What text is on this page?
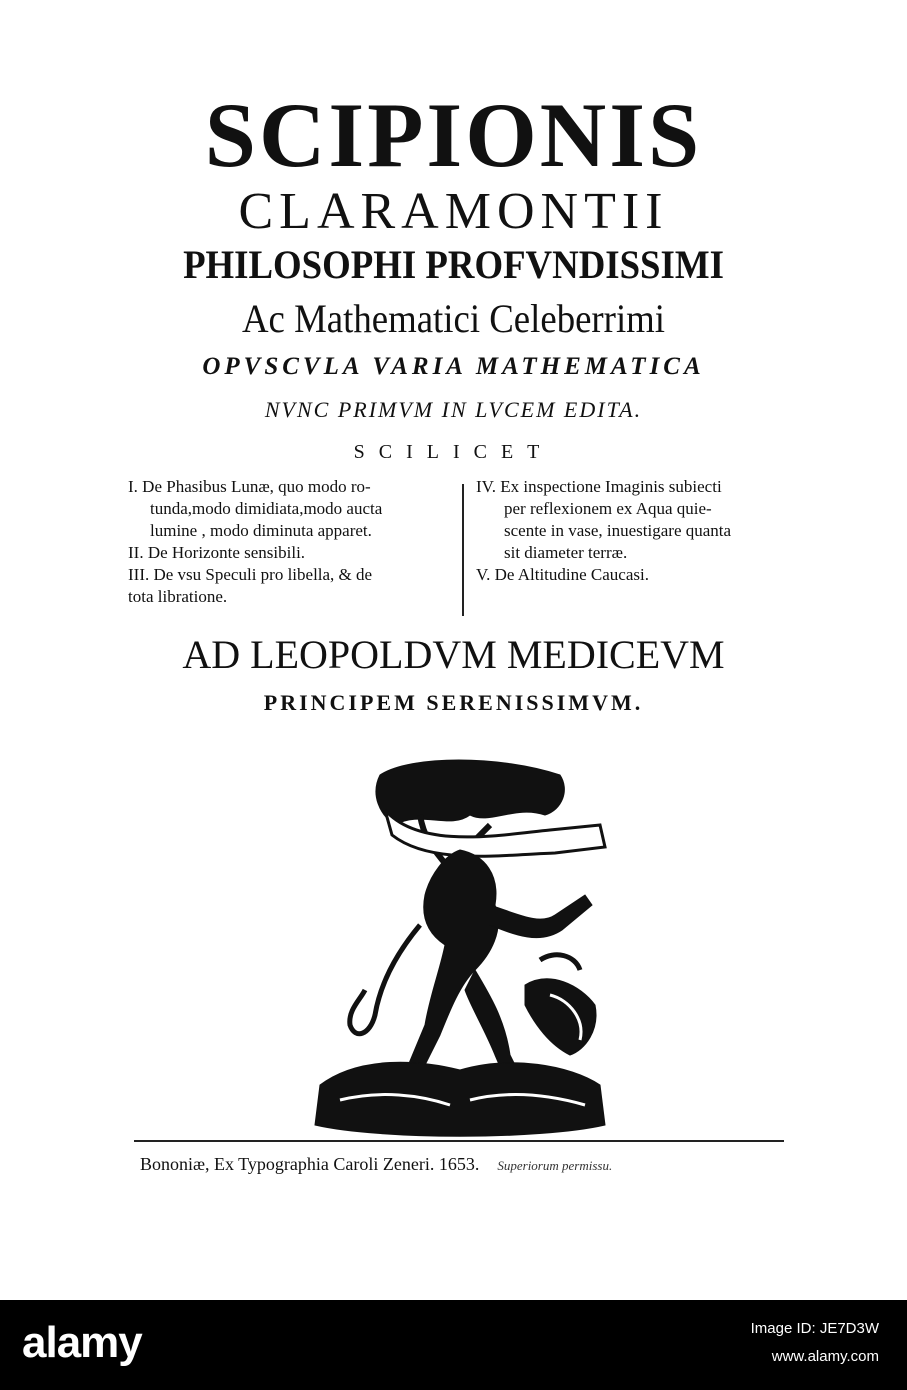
SCIPIONIS
CLARAMONTII
PHILOSOPHI PROFVNDISSIMI
Ac Mathematici Celeberrimi
OPVSCVLA VARIA MATHEMATICA
NVNC PRIMVM IN LVCEM EDITA.
SCILICET
I. De Phasibus Lunæ, quo modo ro-
tunda,modo dimidiata,modo aucta
lumine , modo diminuta apparet.
II. De Horizonte sensibili.
III. De vsu Speculi pro libella, & de
tota libratione.
IV. Ex inspectione Imaginis subiecti
per reflexionem ex Aqua quie-
scente in vase, inuestigare quanta
sit diameter terræ.
V. De Altitudine Caucasi.
AD LEOPOLDVM MEDICEVM
PRINCIPEM SERENISSIMVM.
Bononiæ, Ex Typographia Caroli Zeneri. 1653. Superiorum permissu.
alamy	Image ID: JE7D3W
www.alamy.com
